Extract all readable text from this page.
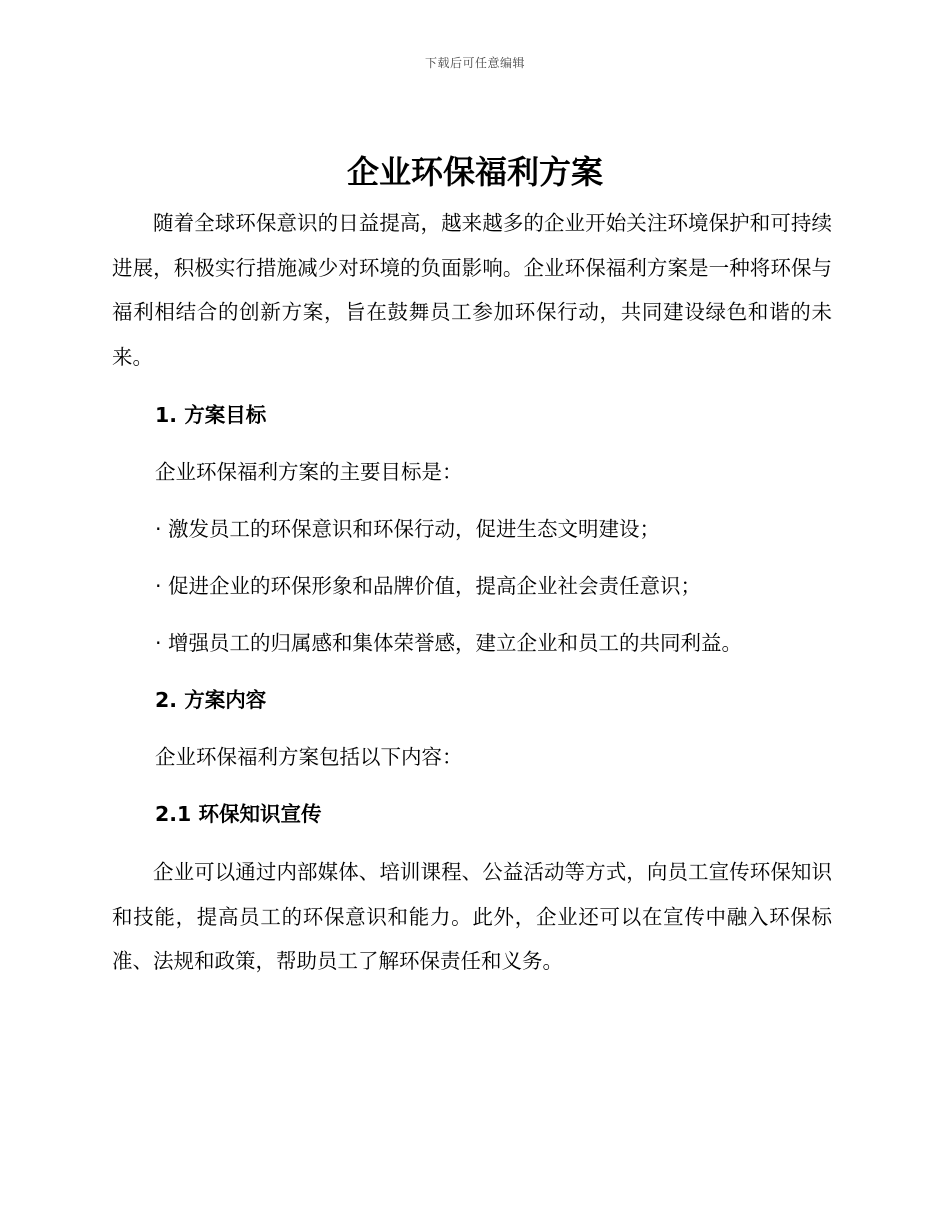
下载后可任意编辑
企业环保福利方案

随着全球环保意识的日益提高，越来越多的企业开始关注环境保护和可持续进展，积极实行措施减少对环境的负面影响。企业环保福利方案是一种将环保与福利相结合的创新方案，旨在鼓舞员工参加环保行动，共同建设绿色和谐的未来。

1. 方案目标

企业环保福利方案的主要目标是：

· 激发员工的环保意识和环保行动，促进生态文明建设；

· 促进企业的环保形象和品牌价值，提高企业社会责任意识；

· 增强员工的归属感和集体荣誉感，建立企业和员工的共同利益。

2. 方案内容

企业环保福利方案包括以下内容：

2.1 环保知识宣传

企业可以通过内部媒体、培训课程、公益活动等方式，向员工宣传环保知识和技能，提高员工的环保意识和能力。此外，企业还可以在宣传中融入环保标准、法规和政策，帮助员工了解环保责任和义务。
